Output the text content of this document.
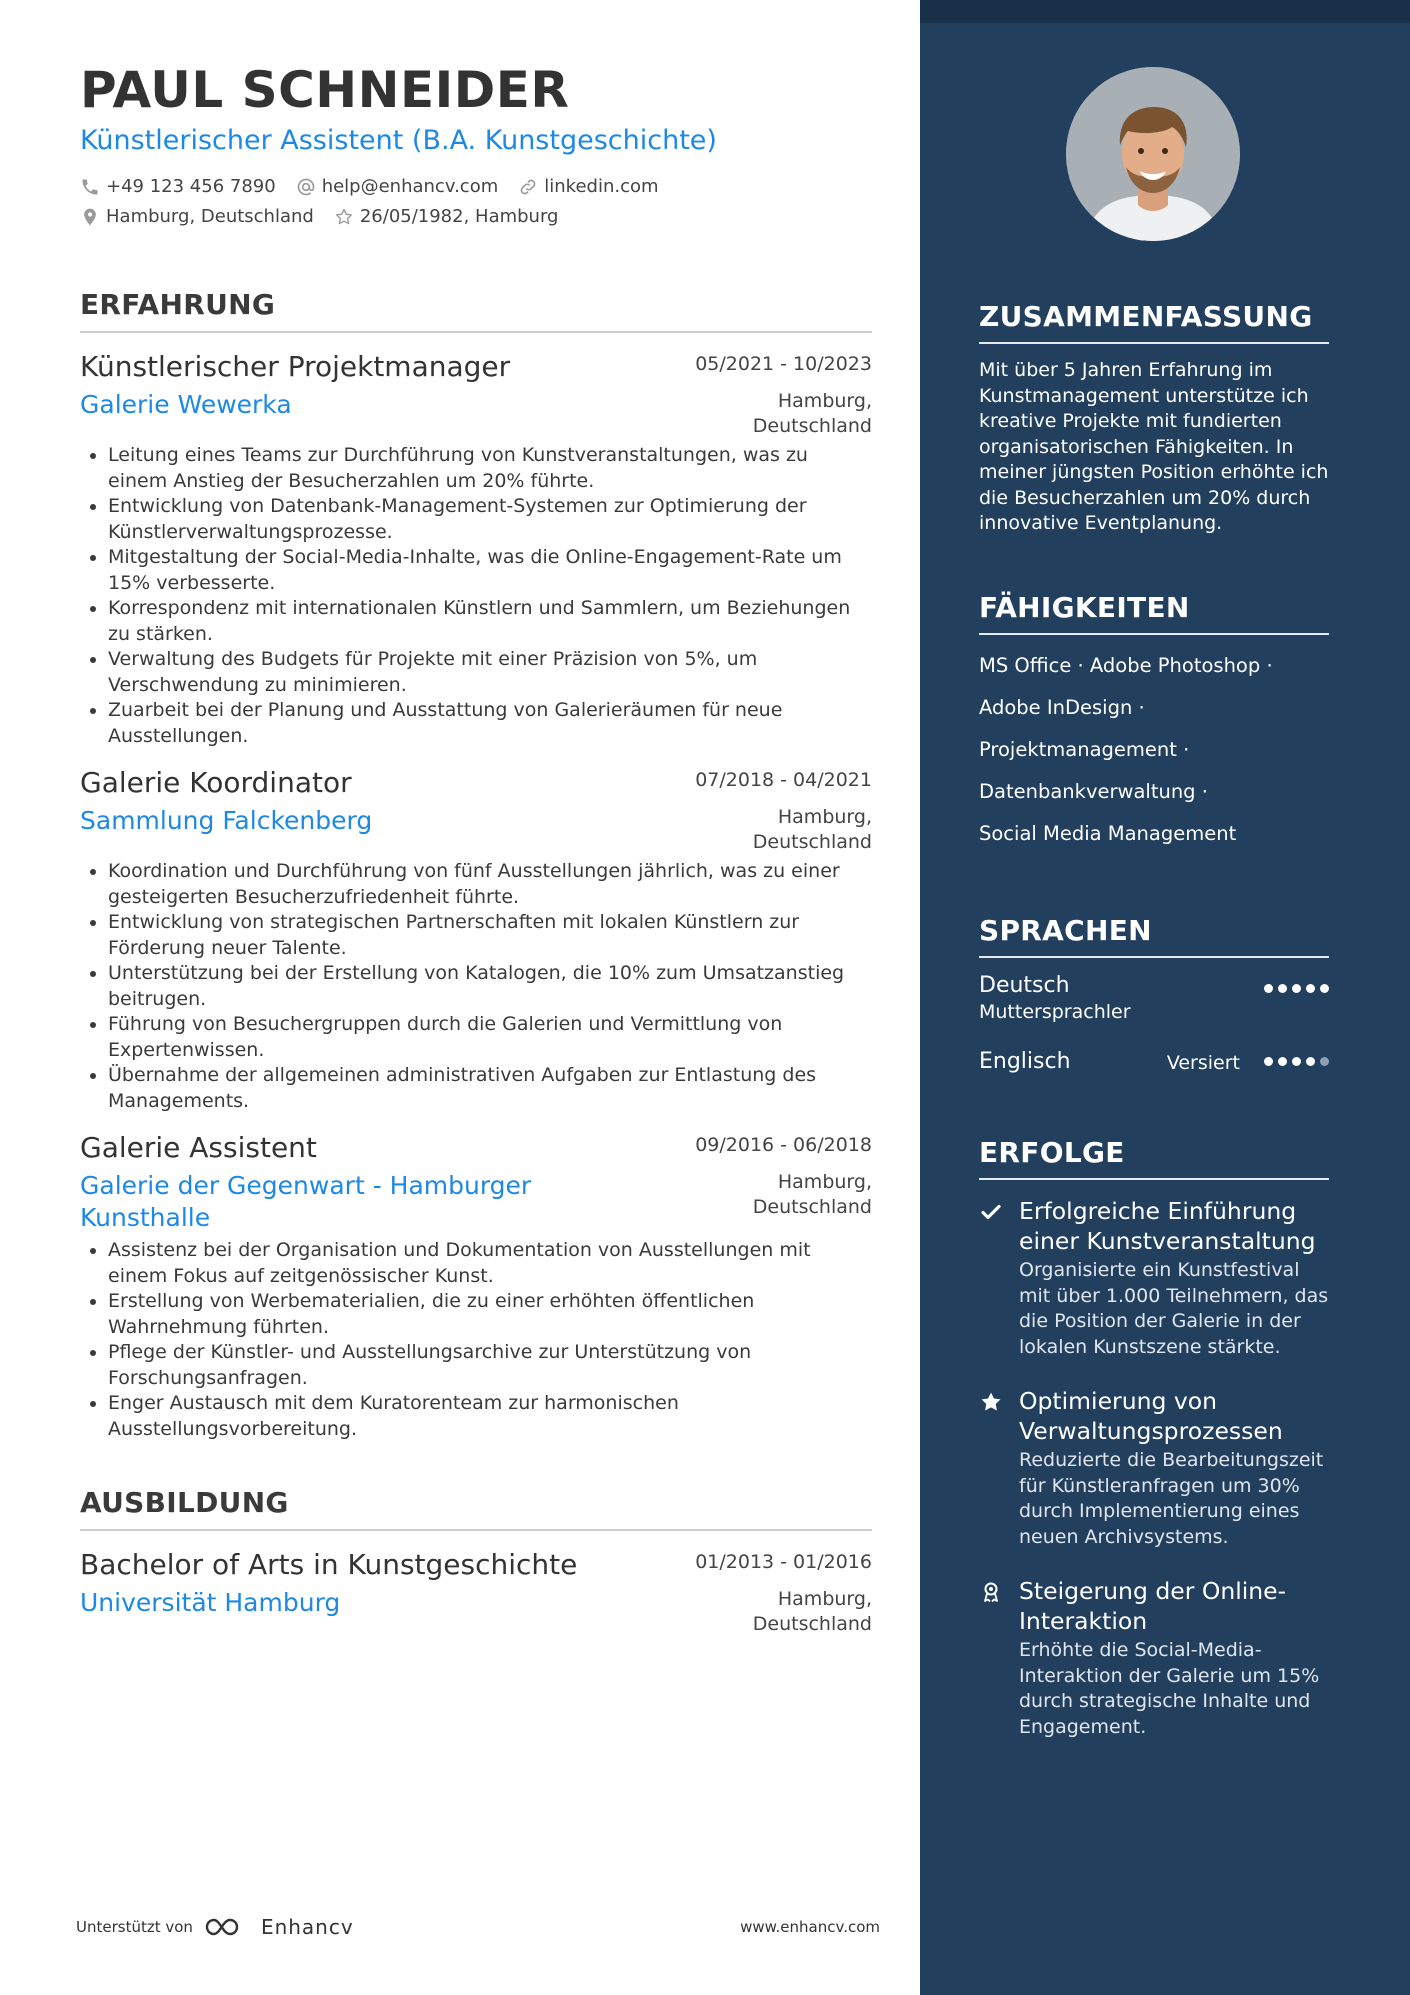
PAUL SCHNEIDER
Künstlerischer Assistent (B.A. Kunstgeschichte)
+49 123 456 7890	help@enhancv.com	linkedin.com
Hamburg, Deutschland	26/05/1982, Hamburg
ERFAHRUNG
Künstlerischer Projektmanager	05/2021 - 10/2023
Galerie Wewerka	Hamburg,
Deutschland
• Leitung eines Teams zur Durchführung von Kunstveranstaltungen, was zu einem Anstieg der Besucherzahlen um 20% führte.
• Entwicklung von Datenbank-Management-Systemen zur Optimierung der Künstlerverwaltungsprozesse.
• Mitgestaltung der Social-Media-Inhalte, was die Online-Engagement-Rate um 15% verbesserte.
• Korrespondenz mit internationalen Künstlern und Sammlern, um Beziehungen zu stärken.
• Verwaltung des Budgets für Projekte mit einer Präzision von 5%, um Verschwendung zu minimieren.
• Zuarbeit bei der Planung und Ausstattung von Galerieräumen für neue Ausstellungen.
Galerie Koordinator	07/2018 - 04/2021
Sammlung Falckenberg	Hamburg,
Deutschland
• Koordination und Durchführung von fünf Ausstellungen jährlich, was zu einer gesteigerten Besucherzufriedenheit führte.
• Entwicklung von strategischen Partnerschaften mit lokalen Künstlern zur Förderung neuer Talente.
• Unterstützung bei der Erstellung von Katalogen, die 10% zum Umsatzanstieg beitrugen.
• Führung von Besuchergruppen durch die Galerien und Vermittlung von Expertenwissen.
• Übernahme der allgemeinen administrativen Aufgaben zur Entlastung des Managements.
Galerie Assistent	09/2016 - 06/2018
Galerie der Gegenwart - Hamburger Kunsthalle
Hamburg,
Deutschland
• Assistenz bei der Organisation und Dokumentation von Ausstellungen mit einem Fokus auf zeitgenössischer Kunst.
• Erstellung von Werbematerialien, die zu einer erhöhten öffentlichen Wahrnehmung führten.
• Pflege der Künstler- und Ausstellungsarchive zur Unterstützung von Forschungsanfragen.
• Enger Austausch mit dem Kuratorenteam zur harmonischen Ausstellungsvorbereitung.
AUSBILDUNG
Bachelor of Arts in Kunstgeschichte	01/2013 - 01/2016
Universität Hamburg	Hamburg,
Deutschland
Unterstützt von	Enhancv	www.enhancv.com
ZUSAMMENFASSUNG
Mit über 5 Jahren Erfahrung im Kunstmanagement unterstütze ich kreative Projekte mit fundierten organisatorischen Fähigkeiten. In meiner jüngsten Position erhöhte ich die Besucherzahlen um 20% durch innovative Eventplanung.
FÄHIGKEITEN
MS Office · Adobe Photoshop ·
Adobe InDesign ·
Projektmanagement ·
Datenbankverwaltung ·
Social Media Management
SPRACHEN
Deutsch
Muttersprachler
Englisch	Versiert
ERFOLGE
Erfolgreiche Einführung einer Kunstveranstaltung
Organisierte ein Kunstfestival mit über 1.000 Teilnehmern, das die Position der Galerie in der lokalen Kunstszene stärkte.
Optimierung von Verwaltungsprozessen
Reduzierte die Bearbeitungszeit für Künstleranfragen um 30% durch Implementierung eines neuen Archivsystems.
Steigerung der Online-Interaktion
Erhöhte die Social-Media-Interaktion der Galerie um 15% durch strategische Inhalte und Engagement.
